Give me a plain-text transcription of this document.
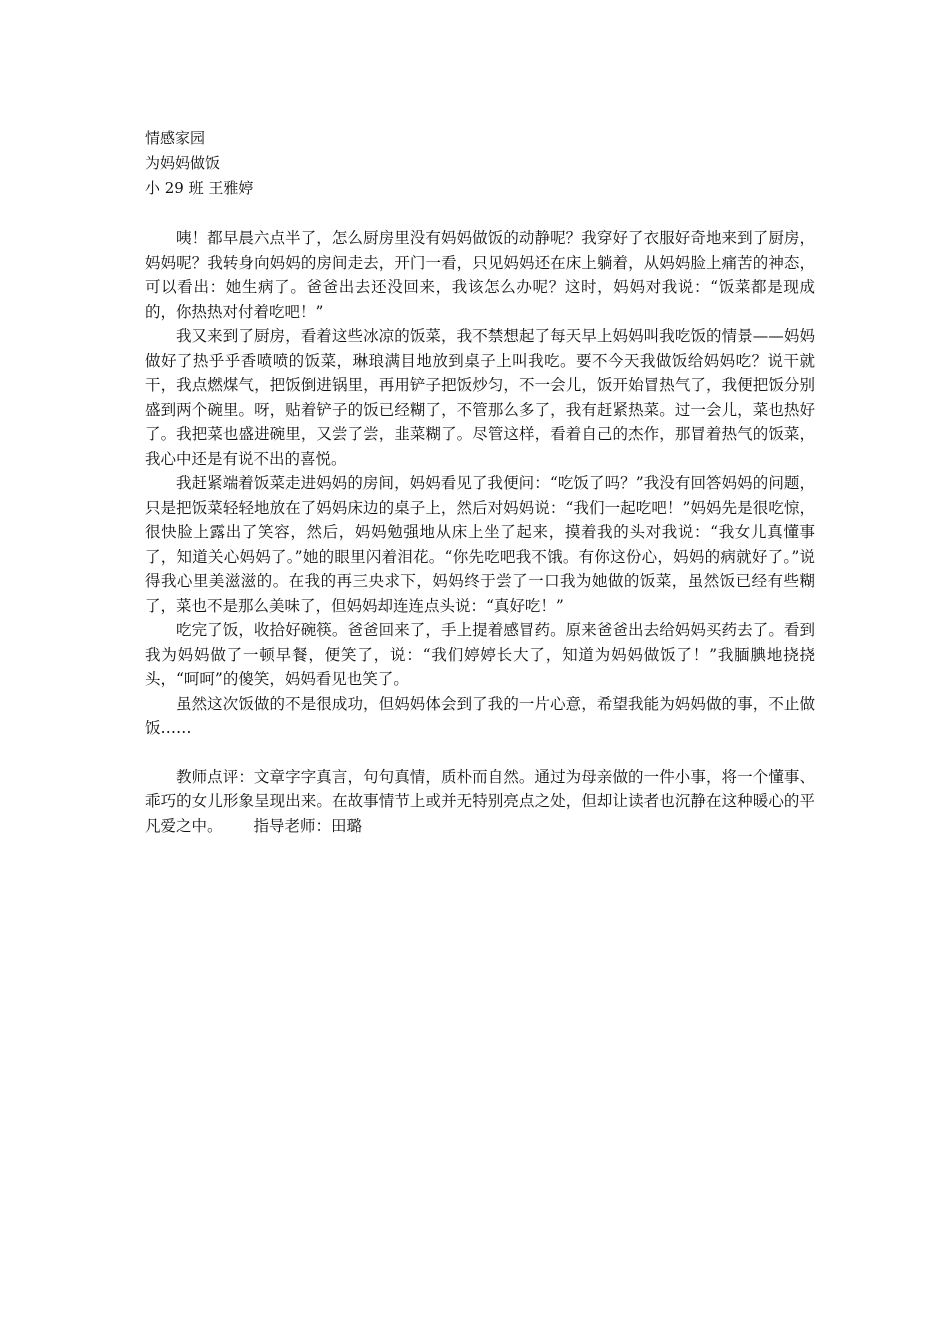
情感家园
为妈妈做饭
小 29 班 王雅婷

咦！都早晨六点半了，怎么厨房里没有妈妈做饭的动静呢？我穿好了衣服好奇地来到了厨房，妈妈呢？我转身向妈妈的房间走去，开门一看，只见妈妈还在床上躺着，从妈妈脸上痛苦的神态，可以看出：她生病了。爸爸出去还没回来，我该怎么办呢？这时，妈妈对我说：“饭菜都是现成的，你热热对付着吃吧！”

我又来到了厨房，看着这些冰凉的饭菜，我不禁想起了每天早上妈妈叫我吃饭的情景——妈妈做好了热乎乎香喷喷的饭菜，琳琅满目地放到桌子上叫我吃。要不今天我做饭给妈妈吃？说干就干，我点燃煤气，把饭倒进锅里，再用铲子把饭炒匀，不一会儿，饭开始冒热气了，我便把饭分别盛到两个碗里。呀，贴着铲子的饭已经糊了，不管那么多了，我有赶紧热菜。过一会儿，菜也热好了。我把菜也盛进碗里，又尝了尝，韭菜糊了。尽管这样，看着自己的杰作，那冒着热气的饭菜，我心中还是有说不出的喜悦。

我赶紧端着饭菜走进妈妈的房间，妈妈看见了我便问：“吃饭了吗？”我没有回答妈妈的问题，只是把饭菜轻轻地放在了妈妈床边的桌子上，然后对妈妈说：“我们一起吃吧！”妈妈先是很吃惊，很快脸上露出了笑容，然后，妈妈勉强地从床上坐了起来，摸着我的头对我说：“我女儿真懂事了，知道关心妈妈了。”她的眼里闪着泪花。“你先吃吧我不饿。有你这份心，妈妈的病就好了。”说得我心里美滋滋的。在我的再三央求下，妈妈终于尝了一口我为她做的饭菜，虽然饭已经有些糊了，菜也不是那么美味了，但妈妈却连连点头说：“真好吃！”

吃完了饭，收拾好碗筷。爸爸回来了，手上提着感冒药。原来爸爸出去给妈妈买药去了。看到我为妈妈做了一顿早餐，便笑了，说：“我们婷婷长大了，知道为妈妈做饭了！”我腼腆地挠挠头，“呵呵”的傻笑，妈妈看见也笑了。

虽然这次饭做的不是很成功，但妈妈体会到了我的一片心意，希望我能为妈妈做的事，不止做饭……

教师点评：文章字字真言，句句真情，质朴而自然。通过为母亲做的一件小事，将一个懂事、乖巧的女儿形象呈现出来。在故事情节上或并无特别亮点之处，但却让读者也沉静在这种暖心的平凡爱之中。 指导老师：田璐
